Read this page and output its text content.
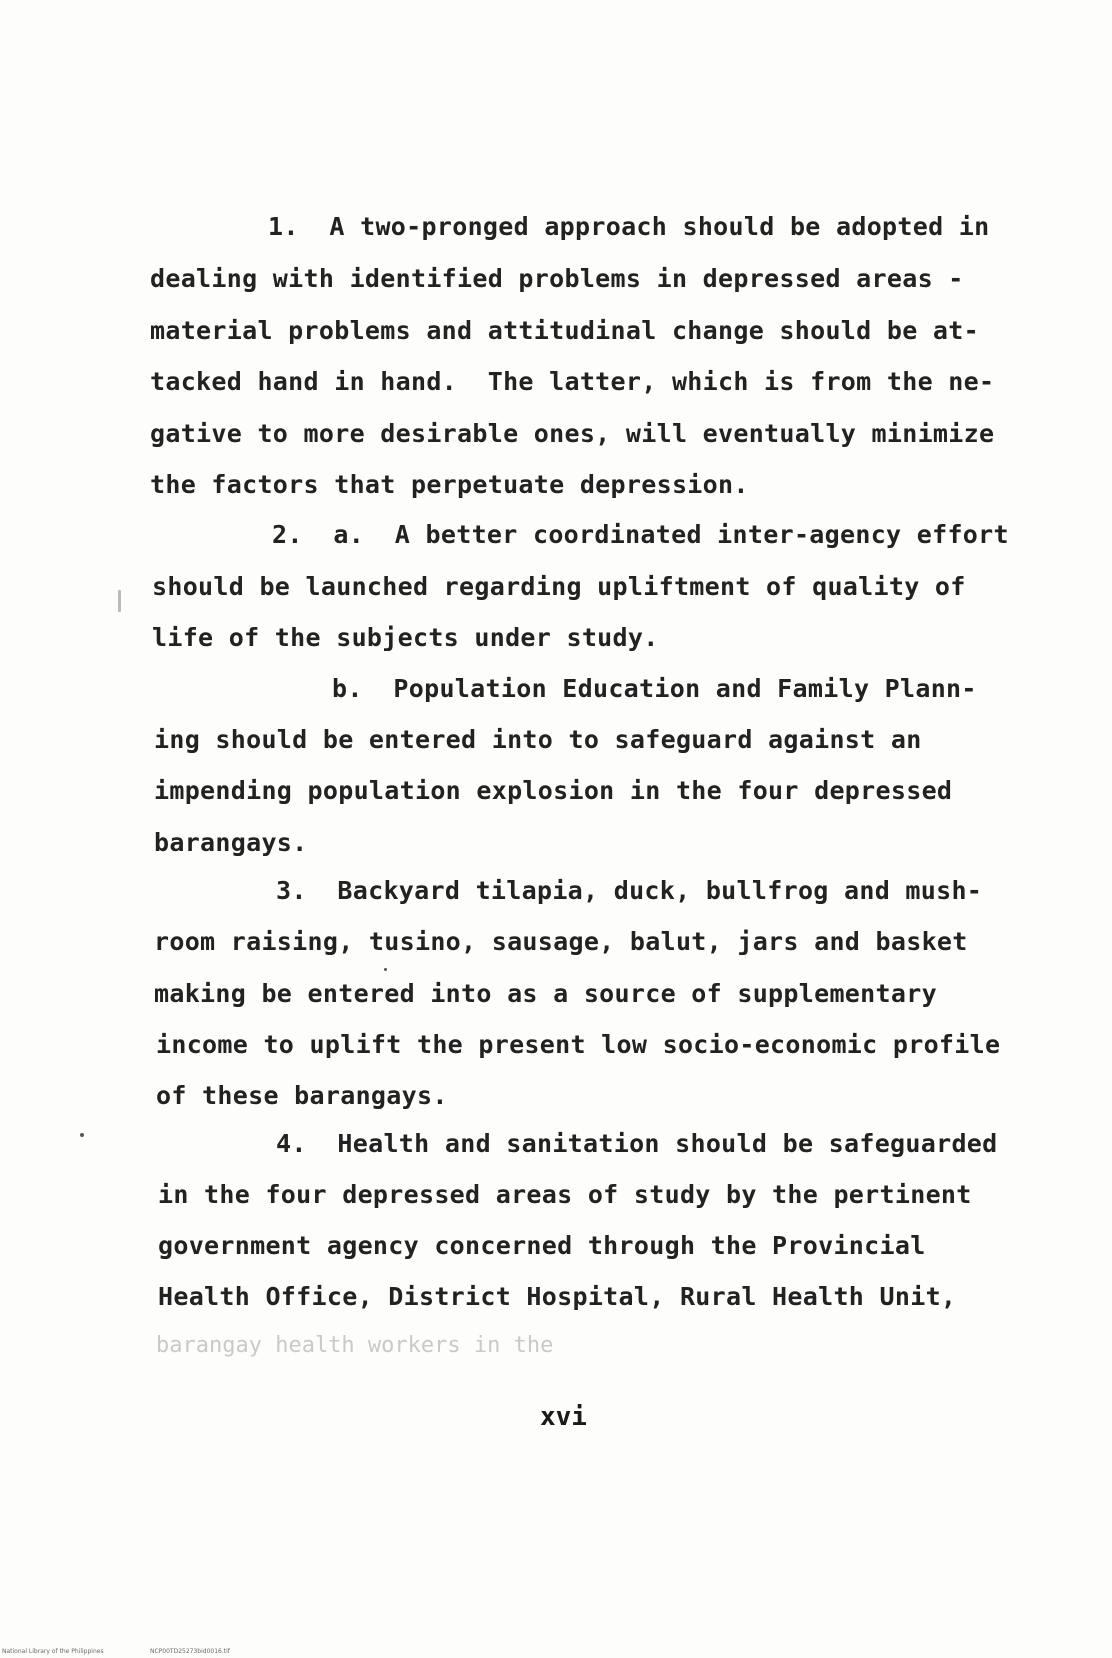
1.  A two-pronged approach should be adopted in
dealing with identified problems in depressed areas -
material problems and attitudinal change should be at-
tacked hand in hand.  The latter, which is from the ne-
gative to more desirable ones, will eventually minimize
the factors that perpetuate depression.
2.  a.  A better coordinated inter-agency effort
should be launched regarding upliftment of quality of
life of the subjects under study.
b.  Population Education and Family Plann-
ing should be entered into to safeguard against an
impending population explosion in the four depressed
barangays.
3.  Backyard tilapia, duck, bullfrog and mush-
room raising, tusino, sausage, balut, jars and basket
making be entered into as a source of supplementary
income to uplift the present low socio-economic profile
of these barangays.
4.  Health and sanitation should be safeguarded
in the four depressed areas of study by the pertinent
government agency concerned through the Provincial
Health Office, District Hospital, Rural Health Unit,
barangay health workers in the
xvi
National Library of the Philippines	NCP00TD25273bid0016.tif
